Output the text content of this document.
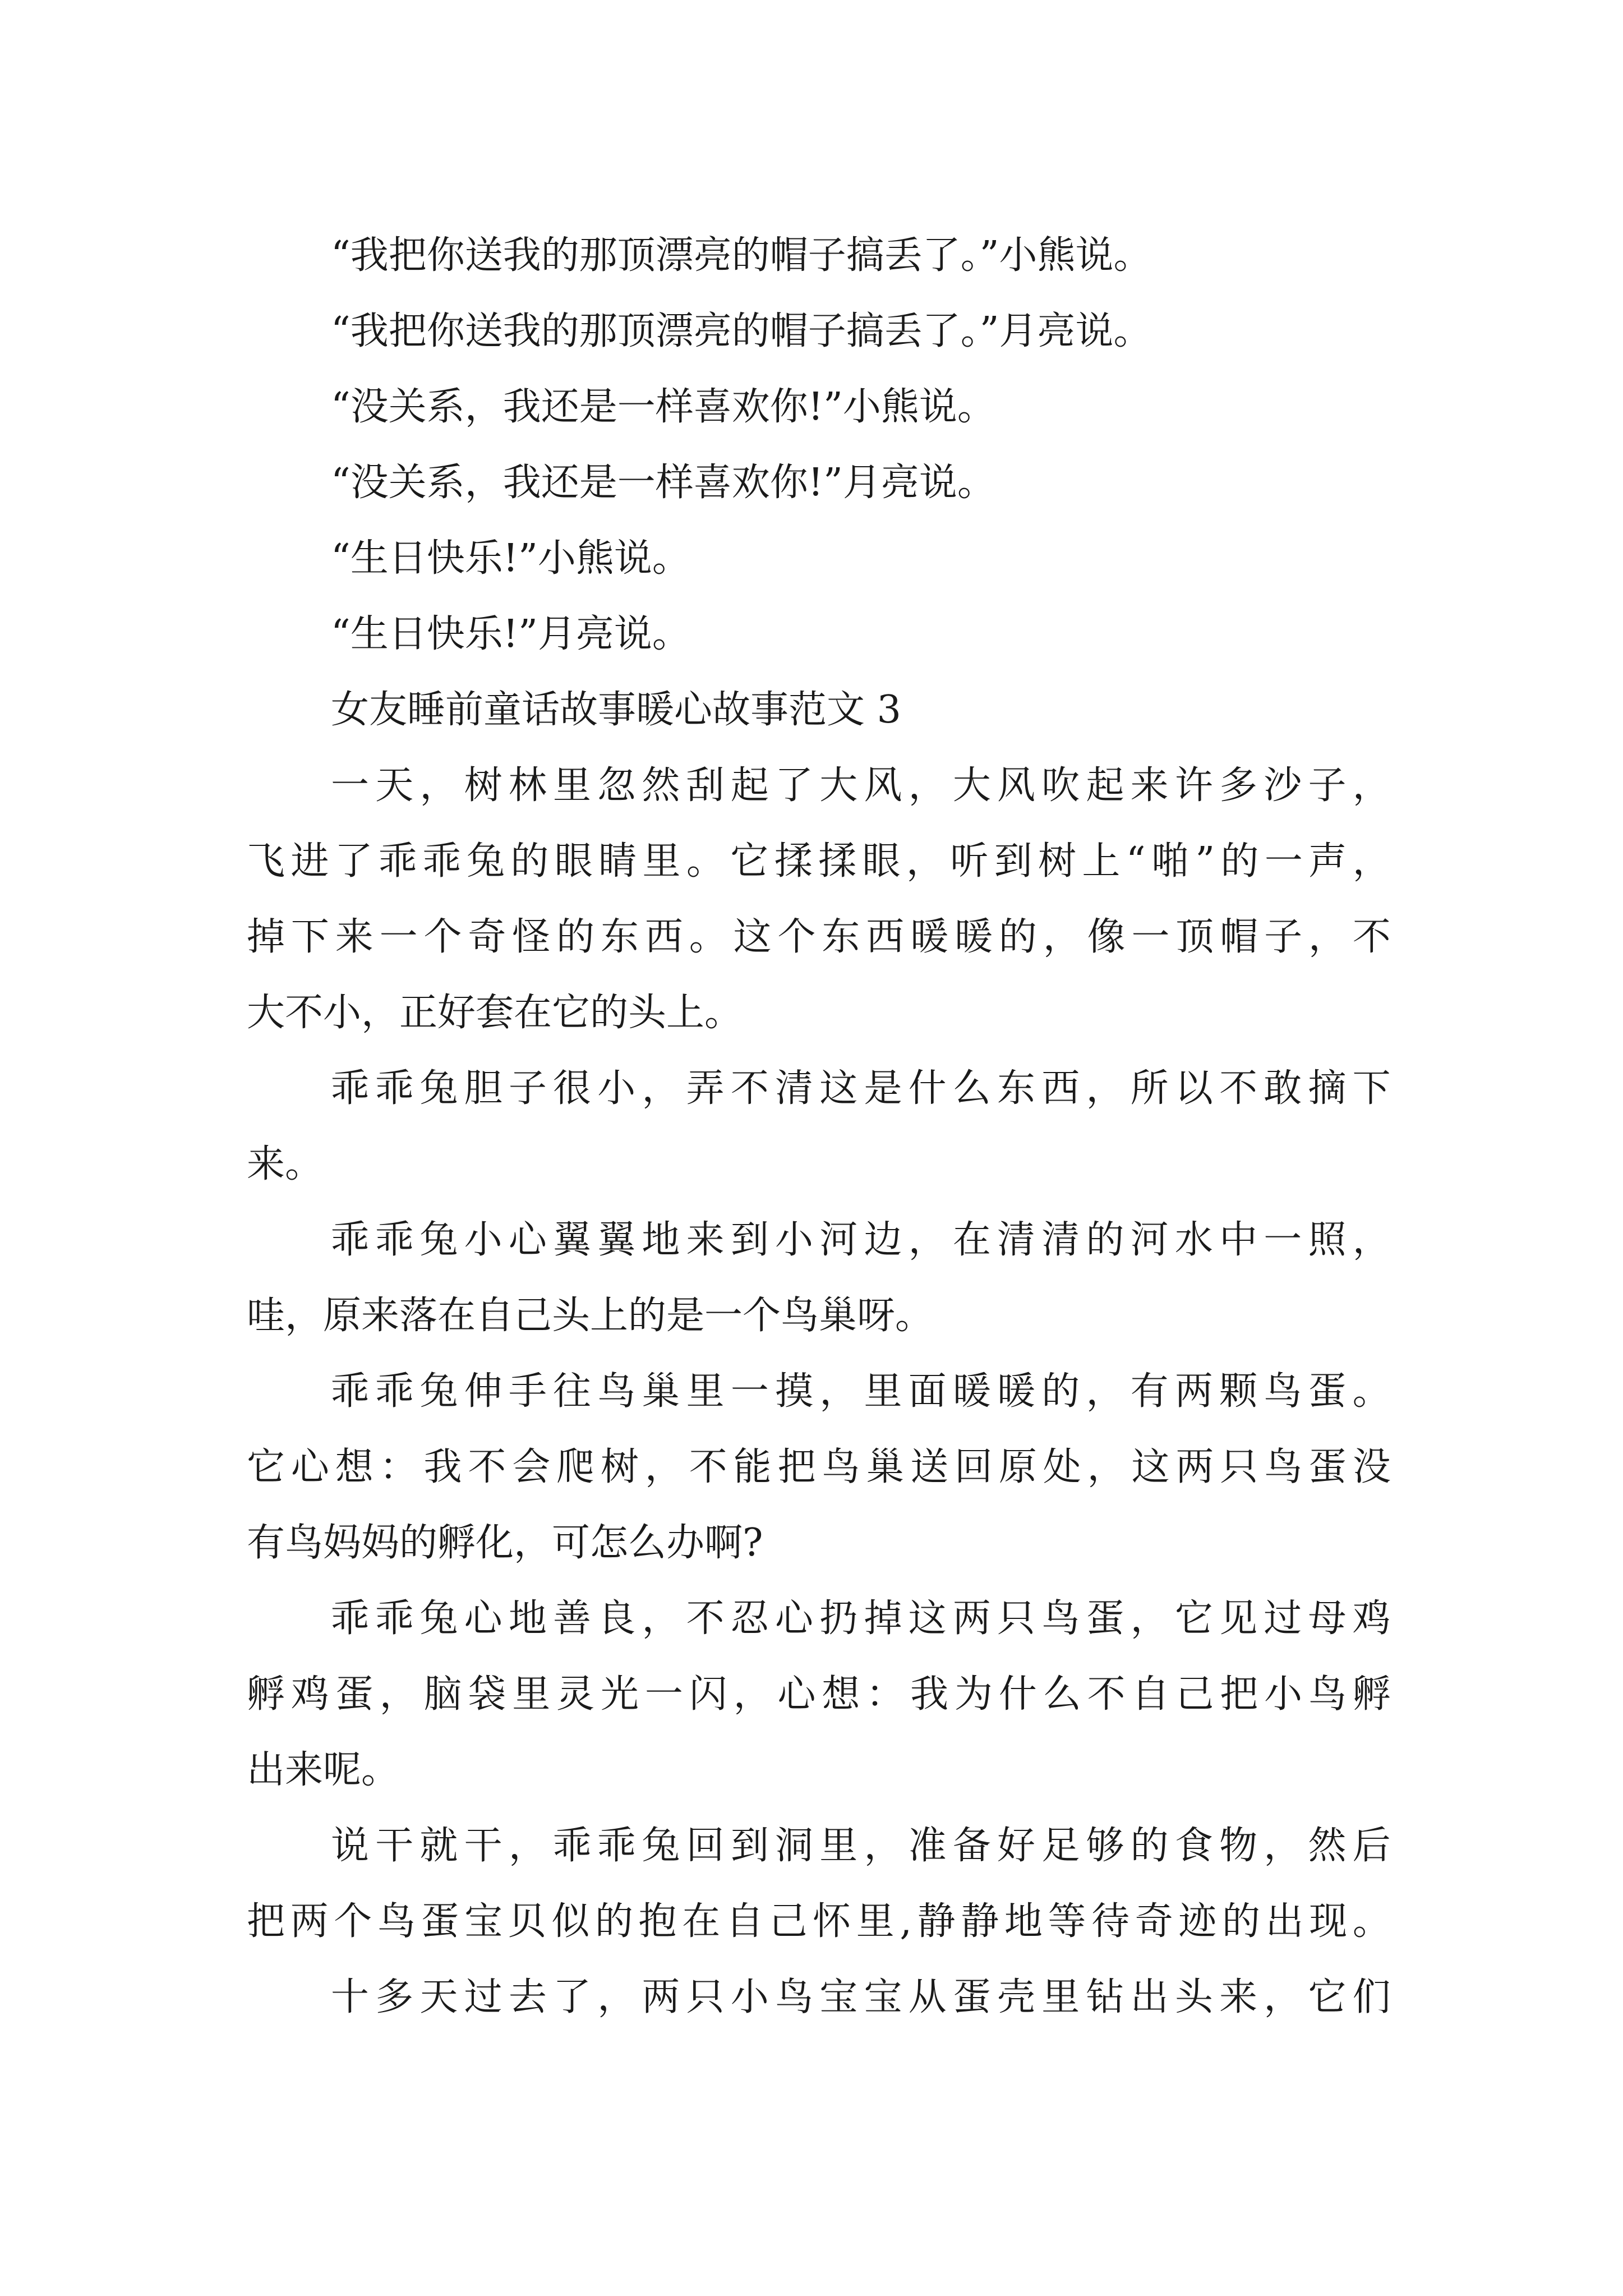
“我把你送我的那顶漂亮的帽子搞丢了。”小熊说。
“我把你送我的那顶漂亮的帽子搞丢了。”月亮说。
“没关系，我还是一样喜欢你!”小熊说。
“没关系，我还是一样喜欢你!”月亮说。
“生日快乐!”小熊说。
“生日快乐!”月亮说。
女友睡前童话故事暖心故事范文 3
一 天 ， 树 林 里 忽 然 刮 起 了 大 风 ， 大 风 吹 起 来 许 多 沙 子 ，
飞 进 了 乖 乖 兔 的 眼 睛 里 。 它 揉 揉 眼 ， 听 到 树 上 “ 啪 ” 的 一 声 ，
掉 下 来 一 个 奇 怪 的 东 西 。 这 个 东 西 暖 暖 的 ， 像 一 顶 帽 子 ， 不
大不小，正好套在它的头上。
乖 乖 兔 胆 子 很 小 ， 弄 不 清 这 是 什 么 东 西 ， 所 以 不 敢 摘 下
来。
乖 乖 兔 小 心 翼 翼 地 来 到 小 河 边 ， 在 清 清 的 河 水 中 一 照 ，
哇，原来落在自己头上的是一个鸟巢呀。
乖 乖 兔 伸 手 往 鸟 巢 里 一 摸 ， 里 面 暖 暖 的 ， 有 两 颗 鸟 蛋 。
它 心 想 ： 我 不 会 爬 树 ， 不 能 把 鸟 巢 送 回 原 处 ， 这 两 只 鸟 蛋 没
有鸟妈妈的孵化，可怎么办啊?
乖 乖 兔 心 地 善 良 ， 不 忍 心 扔 掉 这 两 只 鸟 蛋 ， 它 见 过 母 鸡
孵 鸡 蛋 ， 脑 袋 里 灵 光 一 闪 ， 心 想 ： 我 为 什 么 不 自 己 把 小 鸟 孵
出来呢。
说 干 就 干 ， 乖 乖 兔 回 到 洞 里 ， 准 备 好 足 够 的 食 物 ， 然 后
把 两 个 鸟 蛋 宝 贝 似 的 抱 在 自 己 怀 里 , 静 静 地 等 待 奇 迹 的 出 现 。
十 多 天 过 去 了 ， 两 只 小 鸟 宝 宝 从 蛋 壳 里 钻 出 头 来 ， 它 们
